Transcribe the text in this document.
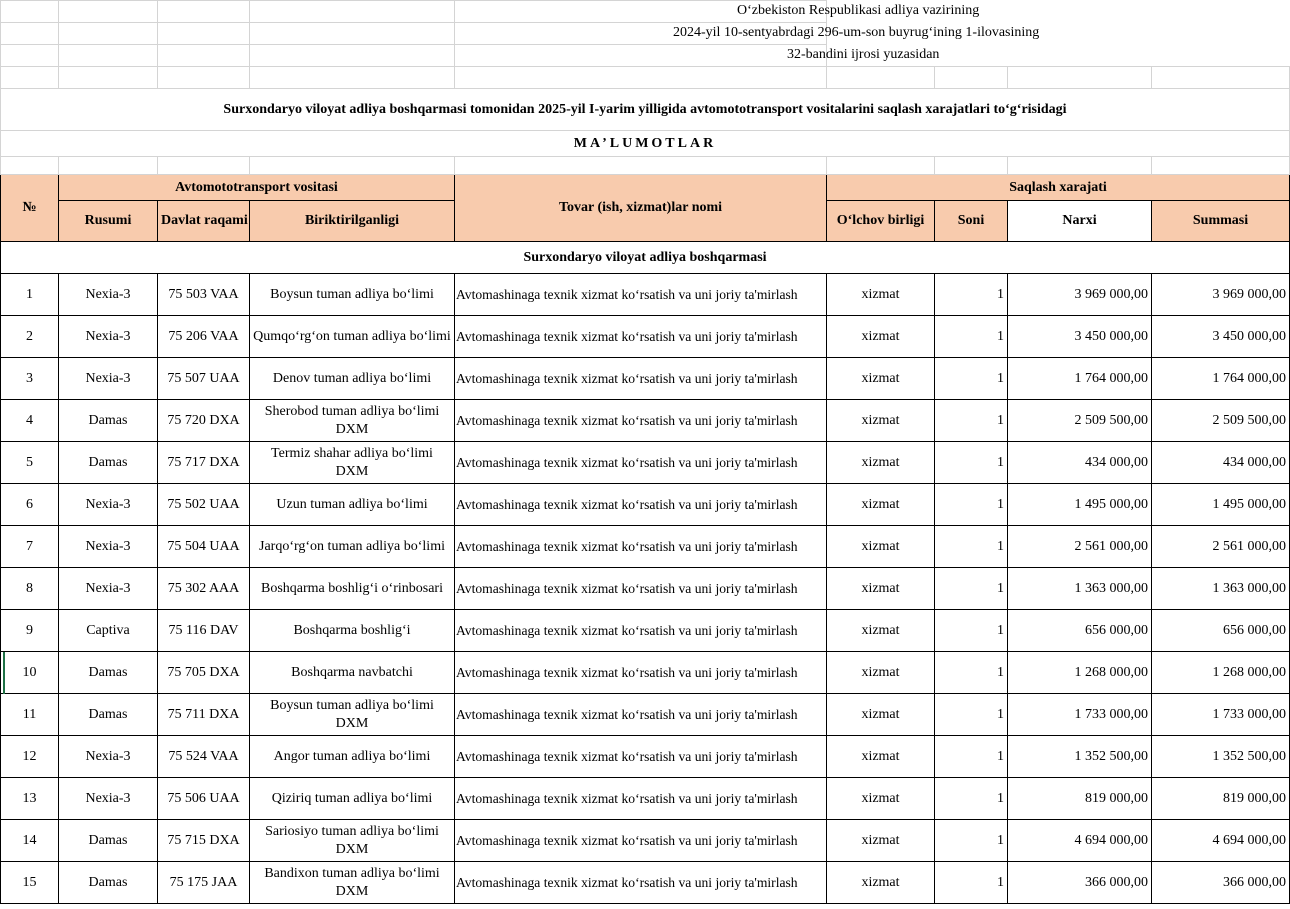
					O‘zbekiston Respublikasi adliya vazirining			

					2024-yil 10-sentyabrdagi 296-um-son buyrug‘ining 1-ilovasining			

					32-bandini ijrosi yuzasidan			

Surxondaryo viloyat adliya boshqarmasi tomonidan 2025-yil I-yarim yilligida avtomototransport vositalarini saqlash xarajatlari to‘g‘risidagi								
MA’LUMOTLAR								

№	Avtomototransport vositasi			Tovar (ish, xizmat)lar nomi	Saqlash xarajati			
	Rusumi	Davlat raqami	Biriktirilganligi		O‘lchov birligi	Soni	Narxi	Summasi
Surxondaryo viloyat adliya boshqarmasi								
1	Nexia-3	75 503 VAA	Boysun tuman adliya bo‘limi	Avtomashinaga texnik xizmat ko‘rsatish va uni joriy ta'mirlash	xizmat	1	3 969 000,00	3 969 000,00
2	Nexia-3	75 206 VAA	Qumqo‘rg‘on tuman adliya bo‘limi	Avtomashinaga texnik xizmat ko‘rsatish va uni joriy ta'mirlash	xizmat	1	3 450 000,00	3 450 000,00
3	Nexia-3	75 507 UAA	Denov tuman adliya bo‘limi	Avtomashinaga texnik xizmat ko‘rsatish va uni joriy ta'mirlash	xizmat	1	1 764 000,00	1 764 000,00
4	Damas	75 720 DXA	Sherobod tuman adliya bo‘limi DXM	Avtomashinaga texnik xizmat ko‘rsatish va uni joriy ta'mirlash	xizmat	1	2 509 500,00	2 509 500,00
5	Damas	75 717 DXA	Termiz shahar adliya bo‘limi DXM	Avtomashinaga texnik xizmat ko‘rsatish va uni joriy ta'mirlash	xizmat	1	434 000,00	434 000,00
6	Nexia-3	75 502 UAA	Uzun tuman adliya bo‘limi	Avtomashinaga texnik xizmat ko‘rsatish va uni joriy ta'mirlash	xizmat	1	1 495 000,00	1 495 000,00
7	Nexia-3	75 504 UAA	Jarqo‘rg‘on tuman adliya bo‘limi	Avtomashinaga texnik xizmat ko‘rsatish va uni joriy ta'mirlash	xizmat	1	2 561 000,00	2 561 000,00
8	Nexia-3	75 302 AAA	Boshqarma boshlig‘i o‘rinbosari	Avtomashinaga texnik xizmat ko‘rsatish va uni joriy ta'mirlash	xizmat	1	1 363 000,00	1 363 000,00
9	Captiva	75 116 DAV	Boshqarma boshlig‘i	Avtomashinaga texnik xizmat ko‘rsatish va uni joriy ta'mirlash	xizmat	1	656 000,00	656 000,00
10	Damas	75 705 DXA	Boshqarma navbatchi	Avtomashinaga texnik xizmat ko‘rsatish va uni joriy ta'mirlash	xizmat	1	1 268 000,00	1 268 000,00
11	Damas	75 711 DXA	Boysun tuman adliya bo‘limi DXM	Avtomashinaga texnik xizmat ko‘rsatish va uni joriy ta'mirlash	xizmat	1	1 733 000,00	1 733 000,00
12	Nexia-3	75 524 VAA	Angor tuman adliya bo‘limi	Avtomashinaga texnik xizmat ko‘rsatish va uni joriy ta'mirlash	xizmat	1	1 352 500,00	1 352 500,00
13	Nexia-3	75 506 UAA	Qiziriq tuman adliya bo‘limi	Avtomashinaga texnik xizmat ko‘rsatish va uni joriy ta'mirlash	xizmat	1	819 000,00	819 000,00
14	Damas	75 715 DXA	Sariosiyo tuman adliya bo‘limi DXM	Avtomashinaga texnik xizmat ko‘rsatish va uni joriy ta'mirlash	xizmat	1	4 694 000,00	4 694 000,00
15	Damas	75 175 JAA	Bandixon tuman adliya bo‘limi DXM	Avtomashinaga texnik xizmat ko‘rsatish va uni joriy ta'mirlash	xizmat	1	366 000,00	366 000,00
